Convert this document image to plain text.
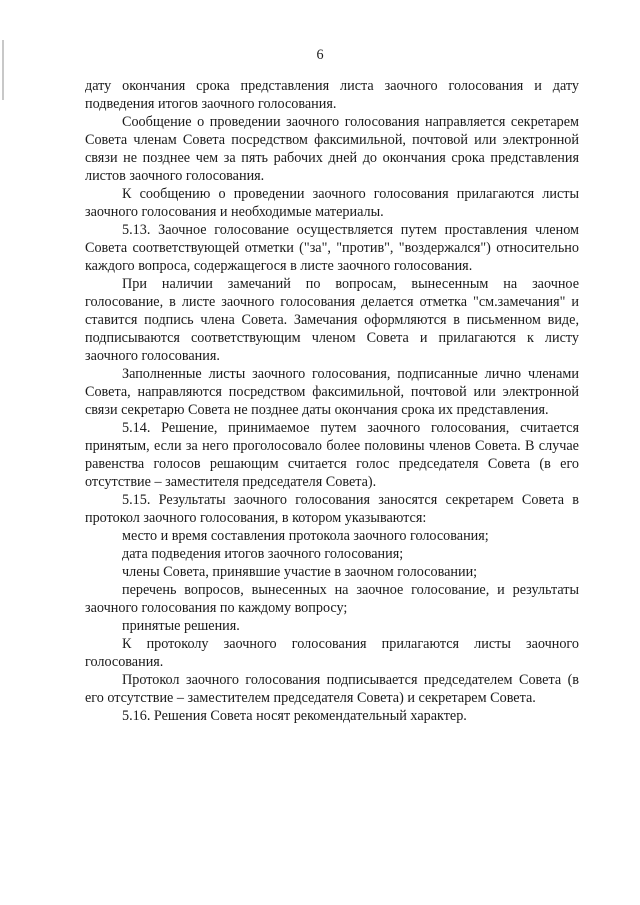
6

дату окончания срока представления листа заочного голосования и дату подведения итогов заочного голосования.

Сообщение о проведении заочного голосования направляется секретарем Совета членам Совета посредством факсимильной, почтовой или электронной связи не позднее чем за пять рабочих дней до окончания срока представления листов заочного голосования.

К сообщению о проведении заочного голосования прилагаются листы заочного голосования и необходимые материалы.

5.13. Заочное голосование осуществляется путем проставления членом Совета соответствующей отметки ("за", "против", "воздержался") относительно каждого вопроса, содержащегося в листе заочного голосования.

При наличии замечаний по вопросам, вынесенным на заочное голосование, в листе заочного голосования делается отметка "см.замечания" и ставится подпись члена Совета. Замечания оформляются в письменном виде, подписываются соответствующим членом Совета и прилагаются к листу заочного голосования.

Заполненные листы заочного голосования, подписанные лично членами Совета, направляются посредством факсимильной, почтовой или электронной связи секретарю Совета не позднее даты окончания срока их представления.

5.14. Решение, принимаемое путем заочного голосования, считается принятым, если за него проголосовало более половины членов Совета. В случае равенства голосов решающим считается голос председателя Совета (в его отсутствие – заместителя председателя Совета).

5.15. Результаты заочного голосования заносятся секретарем Совета в протокол заочного голосования, в котором указываются:

место и время составления протокола заочного голосования;

дата подведения итогов заочного голосования;

члены Совета, принявшие участие в заочном голосовании;

перечень вопросов, вынесенных на заочное голосование, и результаты заочного голосования по каждому вопросу;

принятые решения.

К протоколу заочного голосования прилагаются листы заочного голосования.

Протокол заочного голосования подписывается председателем Совета (в его отсутствие – заместителем председателя Совета) и секретарем Совета.

5.16. Решения Совета носят рекомендательный характер.
